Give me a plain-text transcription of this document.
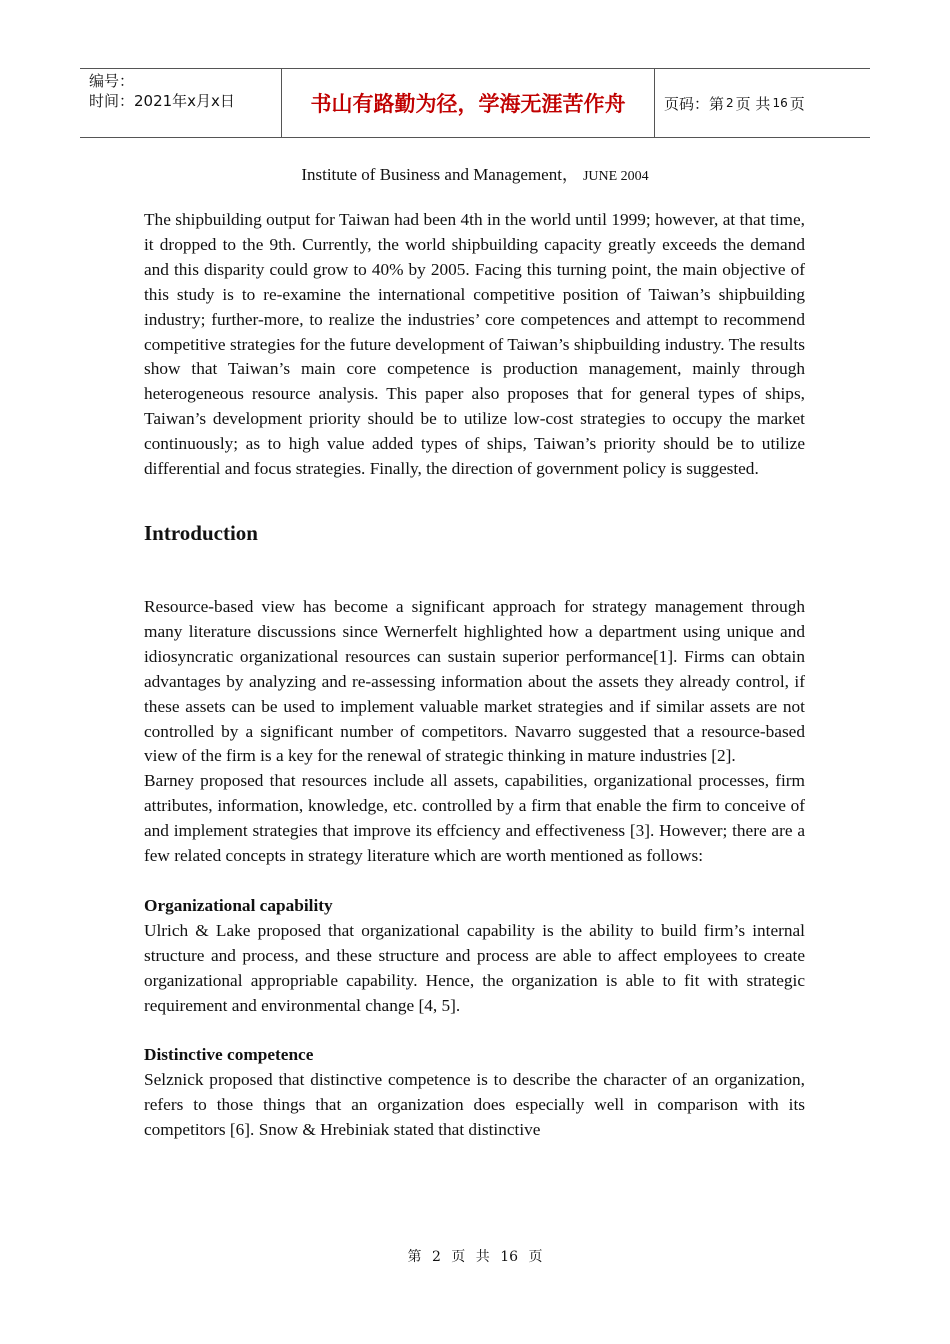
编号：
时间：2021年x月x日	书山有路勤为径，学海无涯苦作舟	页码：第 2 页 共 16 页
Institute of Business and Management， JUNE 2004

The shipbuilding output for Taiwan had been 4th in the world until 1999; however, at that time, it dropped to the 9th. Currently, the world shipbuilding capacity greatly exceeds the demand and this disparity could grow to 40% by 2005. Facing this turning point, the main objective of this study is to re-examine the international competitive position of Taiwan’s shipbuilding industry; further-more, to realize the industries’ core competences and attempt to recommend competitive strategies for the future development of Taiwan’s shipbuilding industry. The results show that Taiwan’s main core competence is production management, mainly through heterogeneous resource analysis. This paper also proposes that for general types of ships, Taiwan’s development priority should be to utilize low-cost strategies to occupy the market continuously; as to high value added types of ships, Taiwan’s priority should be to utilize differential and focus strategies. Finally, the direction of government policy is suggested.

Introduction

Resource-based view has become a significant approach for strategy management through many literature discussions since Wernerfelt highlighted how a department using unique and idiosyncratic organizational resources can sustain superior performance[1]. Firms can obtain advantages by analyzing and re-assessing information about the assets they already control, if these assets can be used to implement valuable market strategies and if similar assets are not controlled by a significant number of competitors. Navarro suggested that a resource-based view of the firm is a key for the renewal of strategic thinking in mature industries [2].

Barney proposed that resources include all assets, capabilities, organizational processes, firm attributes, information, knowledge, etc. controlled by a firm that enable the firm to conceive of and implement strategies that improve its effciency and effectiveness [3]. However; there are a few related concepts in strategy literature which are worth mentioned as follows:

Organizational capability

Ulrich & Lake proposed that organizational capability is the ability to build firm’s internal structure and process, and these structure and process are able to affect employees to create organizational appropriable capability. Hence, the organization is able to fit with strategic requirement and environmental change [4, 5].

Distinctive competence

Selznick proposed that distinctive competence is to describe the character of an organization, refers to those things that an organization does especially well in comparison with its competitors [6]. Snow & Hrebiniak stated that distinctive

第 2 页 共 16 页
